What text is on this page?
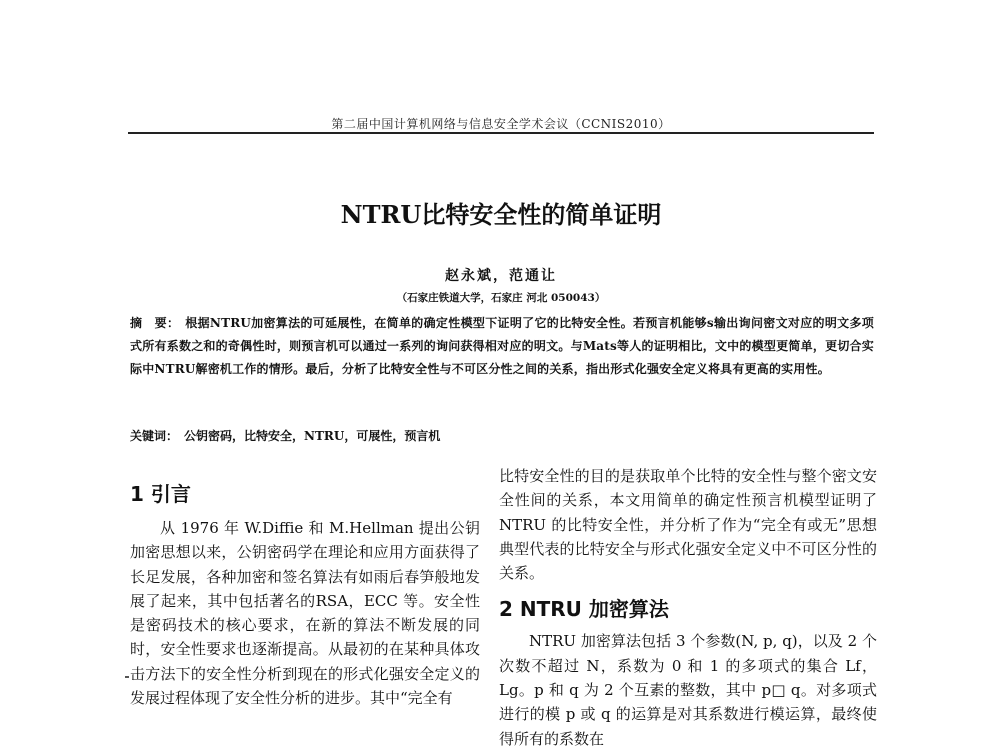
第二届中国计算机网络与信息安全学术会议（CCNIS2010）
NTRU比特安全性的简单证明
赵永斌，范通让
（石家庄铁道大学，石家庄 河北 050043）
摘　要： 根据NTRU加密算法的可延展性，在简单的确定性模型下证明了它的比特安全性。若预言机能够s输出询问密文对应的明文多项式所有系数之和的奇偶性时，则预言机可以通过一系列的询问获得相对应的明文。与Mats等人的证明相比，文中的模型更简单，更切合实际中NTRU解密机工作的情形。最后，分析了比特安全性与不可区分性之间的关系，指出形式化强安全定义将具有更高的实用性。
关键词： 公钥密码，比特安全，NTRU，可展性，预言机
1 引言

从 1976 年 W.Diffie 和 M.Hellman 提出公钥加密思想以来，公钥密码学在理论和应用方面获得了长足发展，各种加密和签名算法有如雨后春笋般地发展了起来，其中包括著名的RSA，ECC 等。安全性是密码技术的核心要求，在新的算法不断发展的同时，安全性要求也逐渐提高。从最初的在某种具体攻击方法下的安全性分析到现在的形式化强安全定义的发展过程体现了安全性分析的进步。其中“完全有

比特安全性的目的是获取单个比特的安全性与整个密文安全性间的关系，本文用简单的确定性预言机模型证明了 NTRU 的比特安全性，并分析了作为“完全有或无”思想典型代表的比特安全与形式化强安全定义中不可区分性的关系。

2 NTRU 加密算法

NTRU 加密算法包括 3 个参数(N, p, q)，以及 2 个次数不超过 N，系数为 0 和 1 的多项式的集合 Lf，Lg。p 和 q 为 2 个互素的整数，其中 p□ q。对多项式进行的模 p 或 q 的运算是对其系数进行模运算，最终使得所有的系数在
